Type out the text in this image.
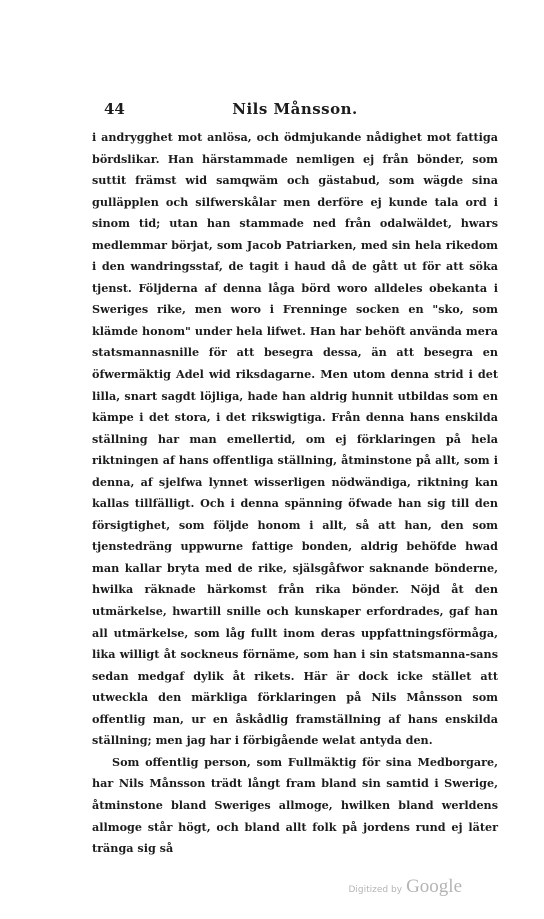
44	Nils Månsson.

i andrygghet mot anlösa, och ödmjukande nådighet mot fattiga bördslikar. Han härstammade nemligen ej från bönder, som suttit främst wid samqwäm och gästabud, som wägde sina gulläpplen och silfwerskålar men derföre ej kunde tala ord i sinom tid; utan han stammade ned från odalwäldet, hwars medlemmar börjat, som Jacob Patriarken, med sin hela rikedom i den wandringsstaf, de tagit i haud då de gått ut för att söka tjenst. Följderna af denna låga börd woro alldeles obekanta i Sweriges rike, men woro i Frenninge socken en "sko, som klämde honom" under hela lifwet. Han har behöft använda mera statsmannasnille för att besegra dessa, än att besegra en öfwermäktig Adel wid riksdagarne. Men utom denna strid i det lilla, snart sagdt löjliga, hade han aldrig hunnit utbildas som en kämpe i det stora, i det rikswigtiga. Från denna hans enskilda ställning har man emellertid, om ej förklaringen på hela riktningen af hans offentliga ställning, åtminstone på allt, som i denna, af sjelfwa lynnet wisserligen nödwändiga, riktning kan kallas tillfälligt. Och i denna spänning öfwade han sig till den försigtighet, som följde honom i allt, så att han, den som tjenstedräng uppwurne fattige bonden, aldrig behöfde hwad man kallar bryta med de rike, själsgåfwor saknande bönderne, hwilka räknade härkomst från rika bönder. Nöjd åt den utmärkelse, hwartill snille och kunskaper erfordrades, gaf han all utmärkelse, som låg fullt inom deras uppfattningsförmåga, lika willigt åt sockneus förnäme, som han i sin statsmanna-sans sedan medgaf dylik åt rikets. Här är dock icke stället att utweckla den märkliga förklaringen på Nils Månsson som offentlig man, ur en åskådlig framställning af hans enskilda ställning; men jag har i förbigående welat antyda den.

Som offentlig person, som Fullmäktig för sina Medborgare, har Nils Månsson trädt långt fram bland sin samtid i Swerige, åtminstone bland Sweriges allmoge, hwilken bland werldens allmoge står högt, och bland allt folk på jordens rund ej läter tränga sig så

Digitized by Google
